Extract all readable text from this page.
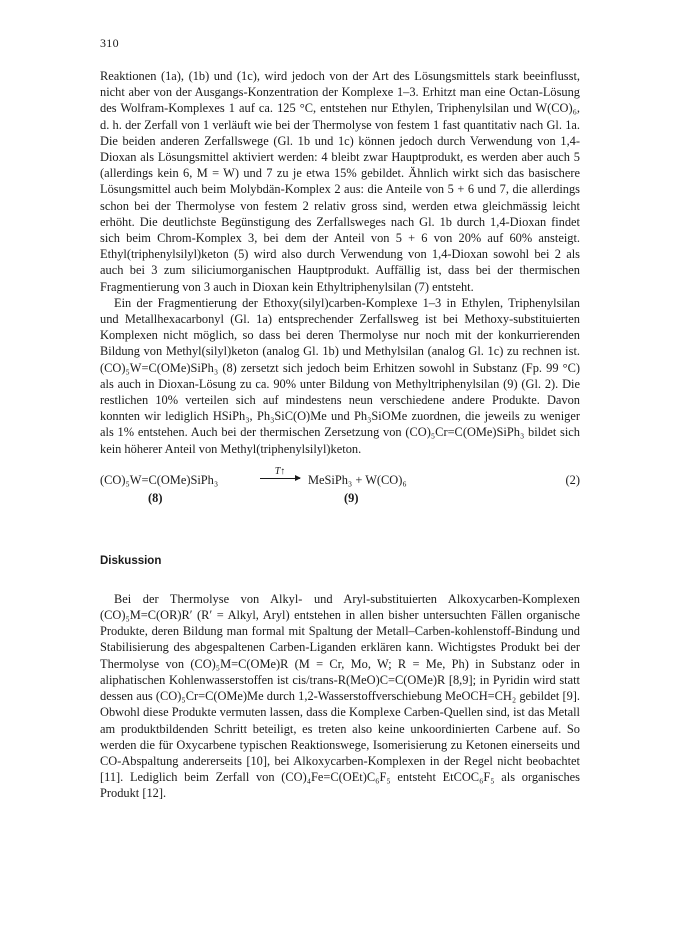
310

Reaktionen (1a), (1b) und (1c), wird jedoch von der Art des Lösungsmittels stark beeinflusst, nicht aber von der Ausgangs-Konzentration der Komplexe 1–3. Erhitzt man eine Octan-Lösung des Wolfram-Komplexes 1 auf ca. 125 °C, entstehen nur Ethylen, Triphenylsilan und W(CO)₆, d. h. der Zerfall von 1 verläuft wie bei der Thermolyse von festem 1 fast quantitativ nach Gl. 1a. Die beiden anderen Zerfallswege (Gl. 1b und 1c) können jedoch durch Verwendung von 1,4-Dioxan als Lösungsmittel aktiviert werden: 4 bleibt zwar Hauptprodukt, es werden aber auch 5 (allerdings kein 6, M = W) und 7 zu je etwa 15% gebildet. Ähnlich wirkt sich das basischere Lösungsmittel auch beim Molybdän-Komplex 2 aus: die Anteile von 5 + 6 und 7, die allerdings schon bei der Thermolyse von festem 2 relativ gross sind, werden etwa gleichmässig leicht erhöht. Die deutlichste Begünstigung des Zerfallsweges nach Gl. 1b durch 1,4-Dioxan findet sich beim Chrom-Komplex 3, bei dem der Anteil von 5 + 6 von 20% auf 60% ansteigt. Ethyl(triphenylsilyl)keton (5) wird also durch Verwendung von 1,4-Dioxan sowohl bei 2 als auch bei 3 zum siliciumorganischen Hauptprodukt. Auffällig ist, dass bei der thermischen Fragmentierung von 3 auch in Dioxan kein Ethyltriphenylsilan (7) entsteht.

Ein der Fragmentierung der Ethoxy(silyl)carben-Komplexe 1–3 in Ethylen, Triphenylsilan und Metallhexacarbonyl (Gl. 1a) entsprechender Zerfallsweg ist bei Methoxy-substituierten Komplexen nicht möglich, so dass bei deren Thermolyse nur noch mit der konkurrierenden Bildung von Methyl(silyl)keton (analog Gl. 1b) und Methylsilan (analog Gl. 1c) zu rechnen ist. (CO)₅W=C(OMe)SiPh₃ (8) zersetzt sich jedoch beim Erhitzen sowohl in Substanz (Fp. 99 °C) als auch in Dioxan-Lösung zu ca. 90% unter Bildung von Methyltriphenylsilan (9) (Gl. 2). Die restlichen 10% verteilen sich auf mindestens neun verschiedene andere Produkte. Davon konnten wir lediglich HSiPh₃, Ph₃SiC(O)Me und Ph₃SiOMe zuordnen, die jeweils zu weniger als 1% entstehen. Auch bei der thermischen Zersetzung von (CO)₅Cr=C(OMe)SiPh₃ bildet sich kein höherer Anteil von Methyl(triphenylsilyl)keton.

(CO)₅W=C(OMe)SiPh₃
T↑
MeSiPh₃ + W(CO)₆	(2)
(8)	(9)
Diskussion

Bei der Thermolyse von Alkyl- und Aryl-substituierten Alkoxycarben-Komplexen (CO)₅M=C(OR)R′ (R′ = Alkyl, Aryl) entstehen in allen bisher untersuchten Fällen organische Produkte, deren Bildung man formal mit Spaltung der Metall–Carben-kohlenstoff-Bindung und Stabilisierung des abgespaltenen Carben-Liganden erklären kann. Wichtigstes Produkt bei der Thermolyse von (CO)₅M=C(OMe)R (M = Cr, Mo, W; R = Me, Ph) in Substanz oder in aliphatischen Kohlenwasserstoffen ist cis/trans-R(MeO)C=C(OMe)R [8,9]; in Pyridin wird statt dessen aus (CO)₅Cr=C(OMe)Me durch 1,2-Wasserstoffverschiebung MeOCH=CH₂ gebildet [9]. Obwohl diese Produkte vermuten lassen, dass die Komplexe Carben-Quellen sind, ist das Metall am produktbildenden Schritt beteiligt, es treten also keine unkoordinierten Carbene auf. So werden die für Oxycarbene typischen Reaktionswege, Isomerisierung zu Ketonen einerseits und CO-Abspaltung andererseits [10], bei Alkoxycarben-Komplexen in der Regel nicht beobachtet [11]. Lediglich beim Zerfall von (CO)₄Fe=C(OEt)C₆F₅ entsteht EtCOC₆F₅ als organisches Produkt [12].
